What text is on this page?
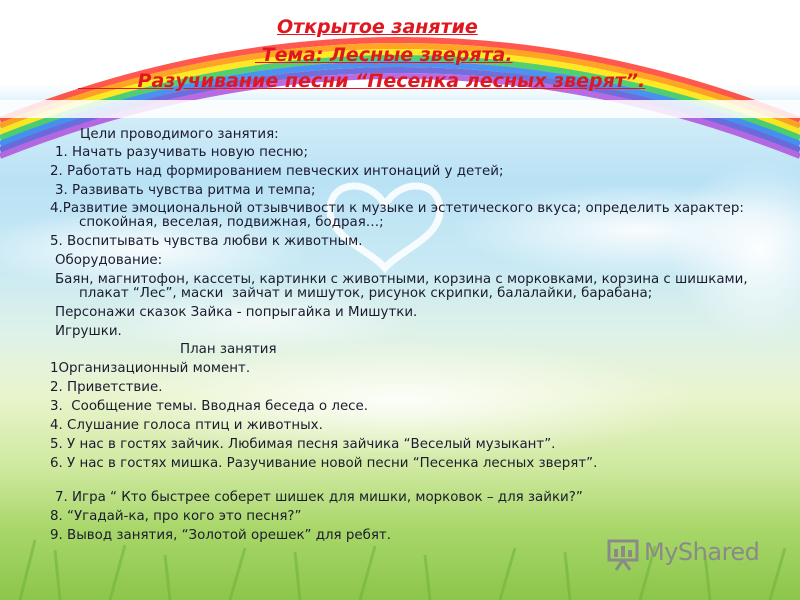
Открытое занятие
Тема: Лесные зверята.
Разучивание песни “Песенка лесных зверят”.
Цели проводимого занятия:
1. Начать разучивать новую песню;
2. Работать над формированием певческих интонаций у детей;
3. Развивать чувства ритма и темпа;
4.Развитие эмоциональной отзывчивости к музыке и эстетического вкуса; определить характер:
спокойная, веселая, подвижная, бодрая…;
5. Воспитывать чувства любви к животным.
Оборудование:
Баян, магнитофон, кассеты, картинки с животными, корзина с морковками, корзина с шишками,
плакат “Лес”, маски  зайчат и мишуток, рисунок скрипки, балалайки, барабана;
Персонажи сказок Зайка - попрыгайка и Мишутки.
Игрушки.
План занятия
1Организационный момент.
2. Приветствие.
3.  Сообщение темы. Вводная беседа о лесе.
4. Слушание голоса птиц и животных.
5. У нас в гостях зайчик. Любимая песня зайчика “Веселый музыкант”.
6. У нас в гостях мишка. Разучивание новой песни “Песенка лесных зверят”.
7. Игра “ Кто быстрее соберет шишек для мишки, морковок – для зайки?”
8. “Угадай-ка, про кого это песня?”
9. Вывод занятия, “Золотой орешек” для ребят.
MyShared
